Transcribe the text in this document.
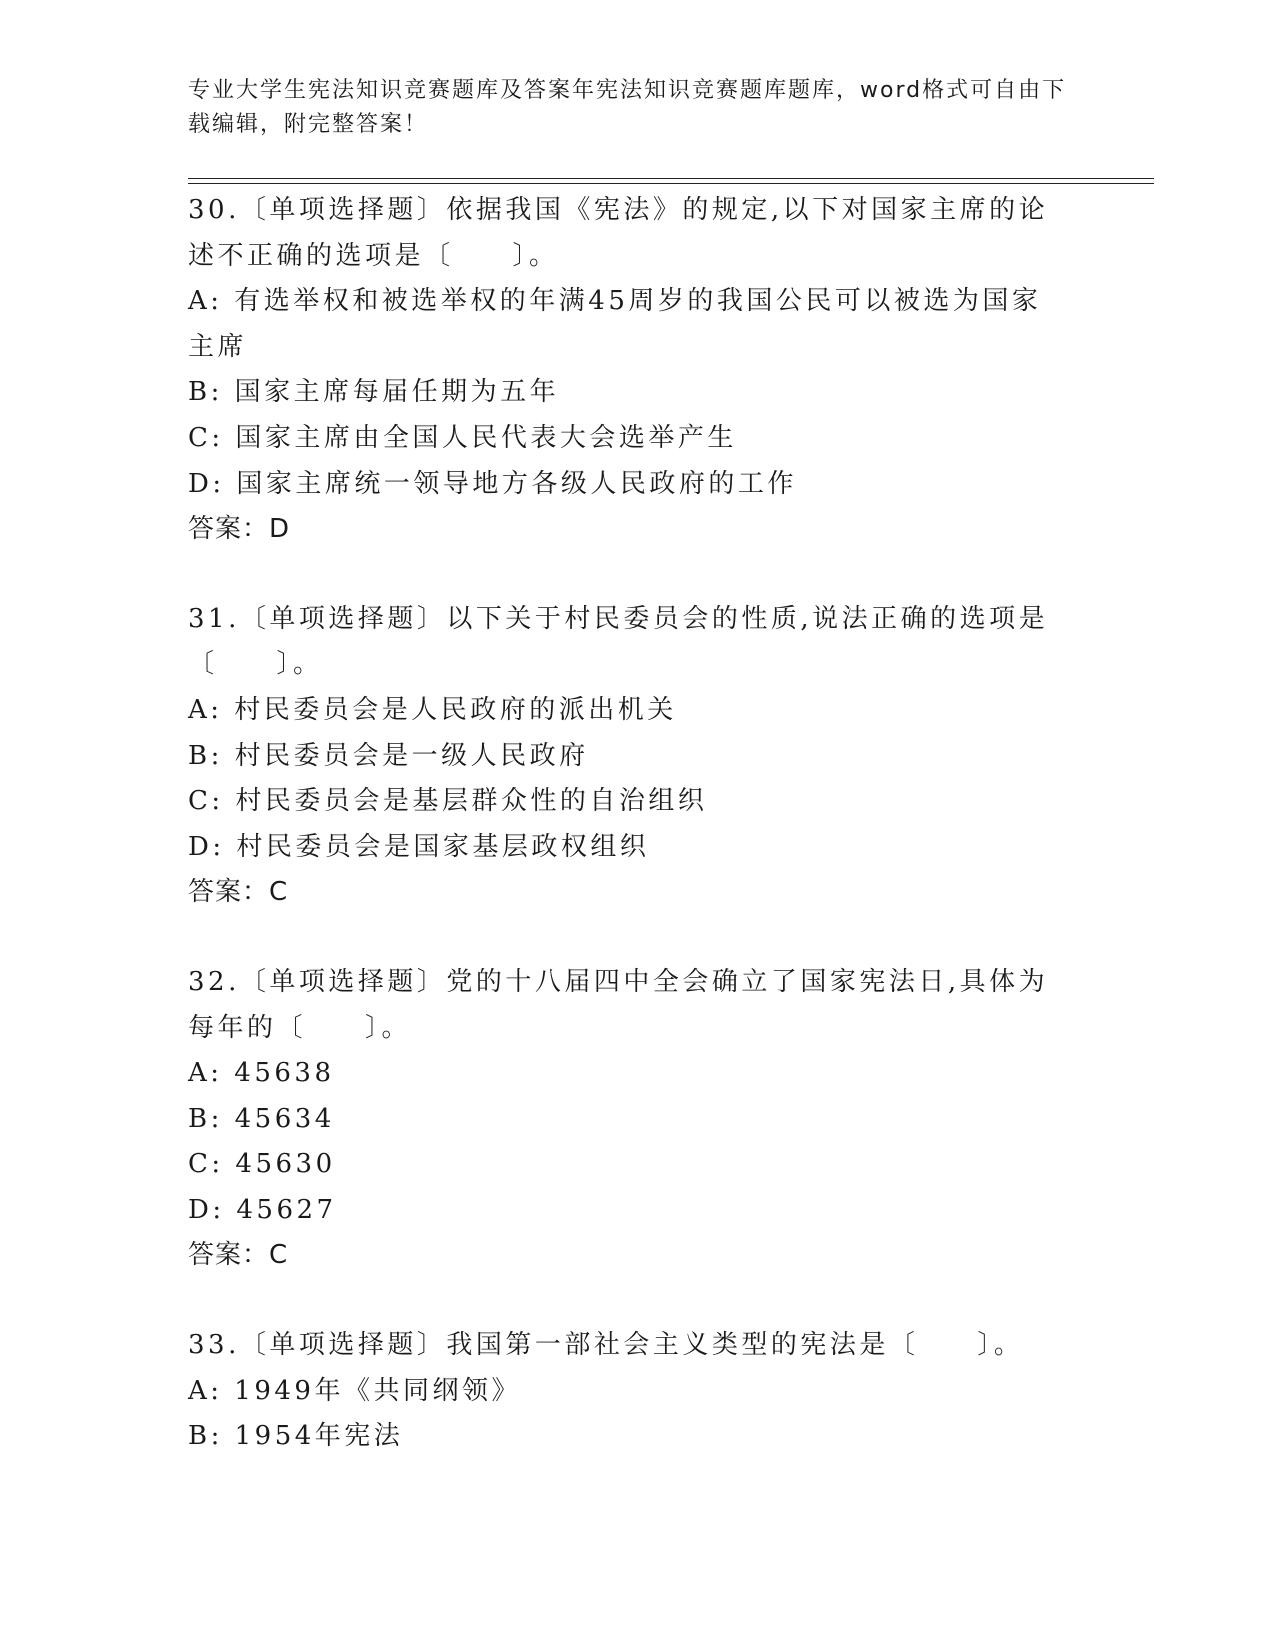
专业大学生宪法知识竞赛题库及答案年宪法知识竞赛题库题库，word格式可自由下载编辑，附完整答案！
30.〔单项选择题〕依据我国《宪法》的规定,以下对国家主席的论述不正确的选项是〔　　〕。
A: 有选举权和被选举权的年满45周岁的我国公民可以被选为国家主席
B: 国家主席每届任期为五年
C: 国家主席由全国人民代表大会选举产生
D: 国家主席统一领导地方各级人民政府的工作
答案：D
31.〔单项选择题〕以下关于村民委员会的性质,说法正确的选项是〔　　〕。
A: 村民委员会是人民政府的派出机关
B: 村民委员会是一级人民政府
C: 村民委员会是基层群众性的自治组织
D: 村民委员会是国家基层政权组织
答案：C
32.〔单项选择题〕党的十八届四中全会确立了国家宪法日,具体为每年的〔　　〕。
A: 45638
B: 45634
C: 45630
D: 45627
答案：C
33.〔单项选择题〕我国第一部社会主义类型的宪法是〔　　〕。
A: 1949年《共同纲领》
B: 1954年宪法
